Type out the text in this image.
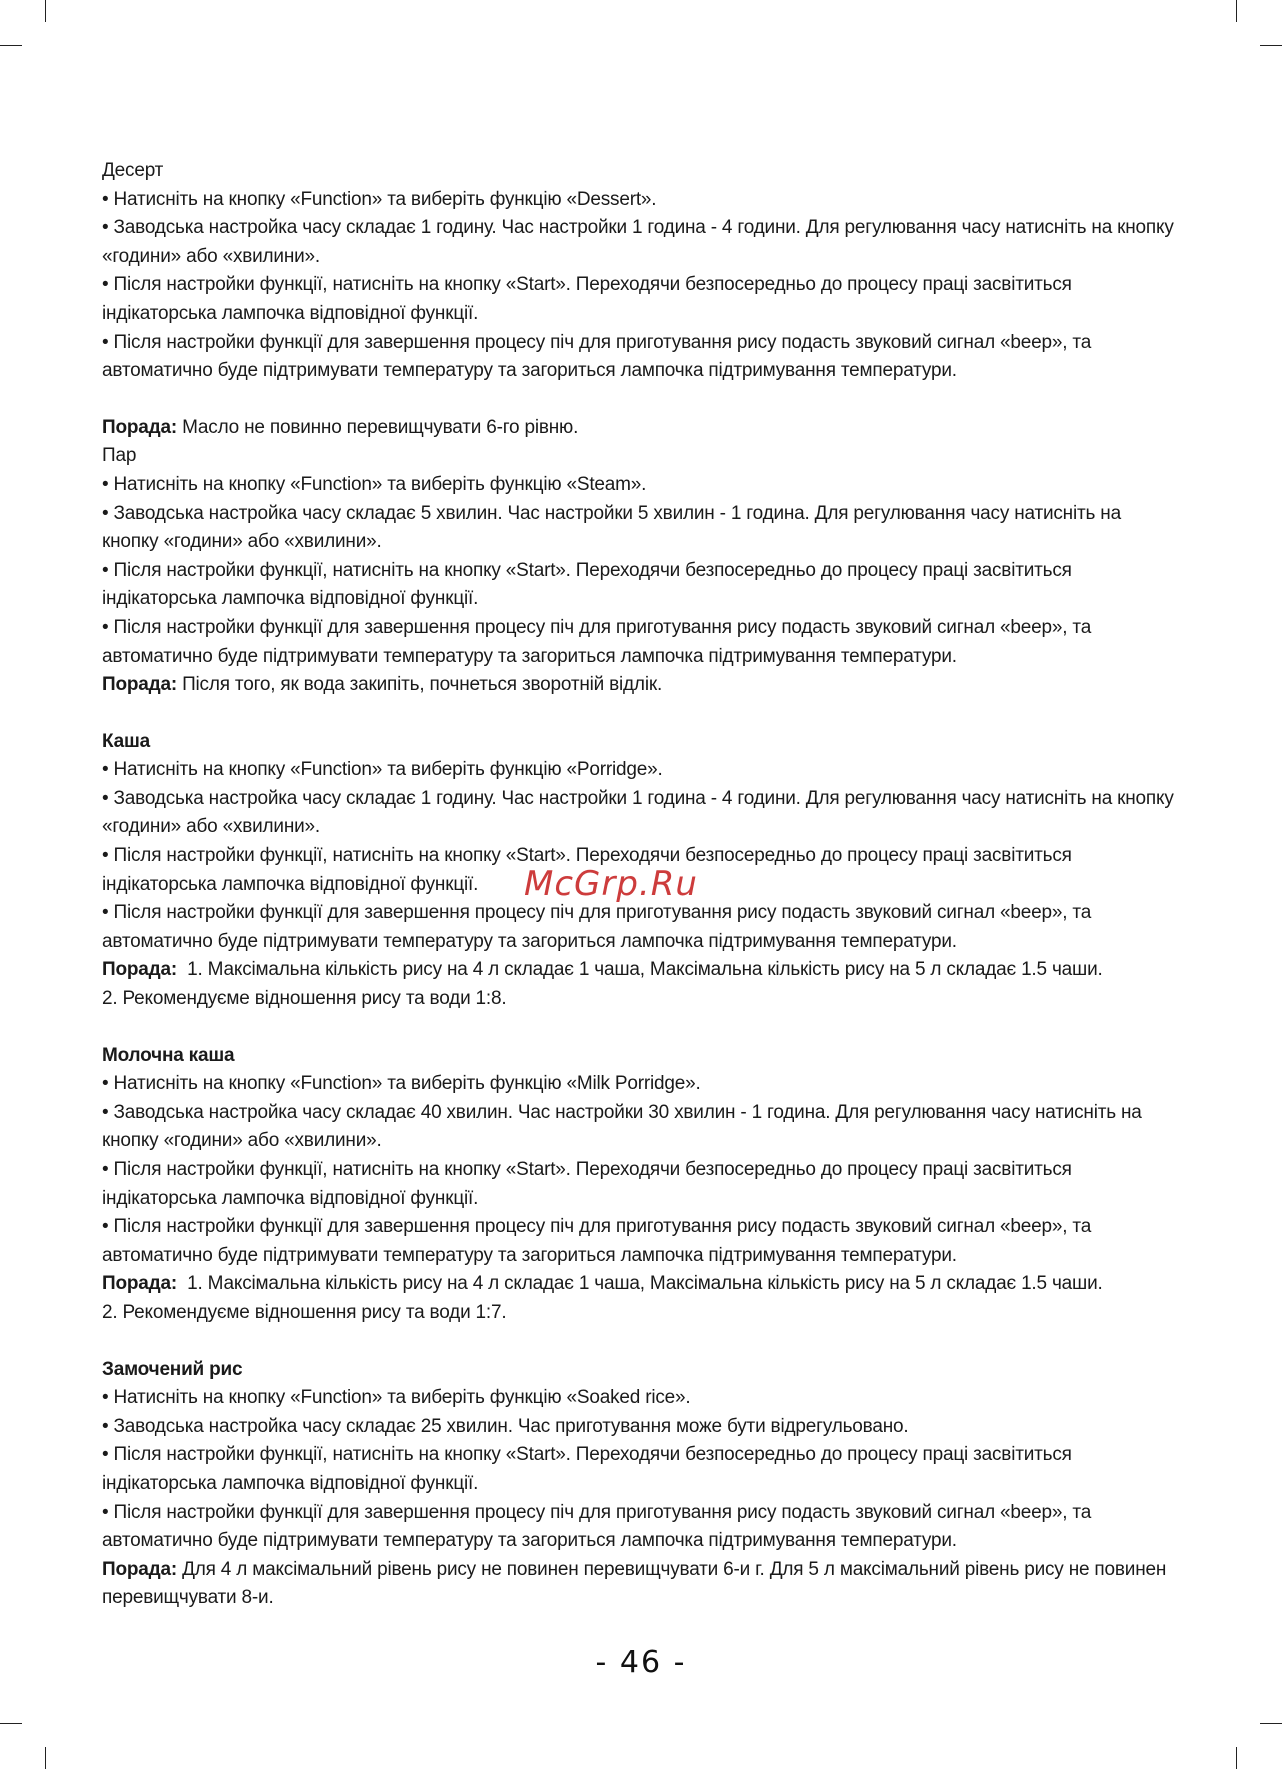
Десерт
• Натисніть на кнопку «Function» та виберіть функцію «Dessert».
• Заводська настройка часу складає 1 годину. Час настройки 1 година - 4 години. Для регулювання часу натисніть на кнопку «години» або «хвилини».
• Після настройки функції, натисніть на кнопку «Start». Переходячи безпосередньо до процесу праці засвітиться індікаторська лампочка відповідної функції.
• Після настройки функції для завершення процесу піч для приготування рису подасть звуковий сигнал «beep», та автоматично буде підтримувати температуру та загориться лампочка підтримування температури.
Порада: Масло не повинно перевищчувати 6-го рівню.
Пар
• Натисніть на кнопку «Function» та виберіть функцію «Steam».
• Заводська настройка часу складає 5 хвилин. Час настройки 5 хвилин - 1 година. Для регулювання часу натисніть на кнопку «години» або «хвилини».
• Після настройки функції, натисніть на кнопку «Start». Переходячи безпосередньо до процесу праці засвітиться індікаторська лампочка відповідної функції.
• Після настройки функції для завершення процесу піч для приготування рису подасть звуковий сигнал «beep», та автоматично буде підтримувати температуру та загориться лампочка підтримування температури.
Порада: Після того, як вода закипіть, почнеться зворотній відлік.
Каша
• Натисніть на кнопку «Function» та виберіть функцію «Porridge».
• Заводська настройка часу складає 1 годину. Час настройки 1 година - 4 години. Для регулювання часу натисніть на кнопку «години» або «хвилини».
• Після настройки функції, натисніть на кнопку «Start». Переходячи безпосередньо до процесу праці засвітиться індікаторська лампочка відповідної функції.
• Після настройки функції для завершення процесу піч для приготування рису подасть звуковий сигнал «beep», та автоматично буде підтримувати температуру та загориться лампочка підтримування температури.
Порада:  1. Максімальна кількість рису на 4 л складає 1 чаша, Максімальна кількість рису на 5 л складає 1.5 чаши.
2. Рекомендуєме відношення рису та води 1:8.
Молочна каша
• Натисніть на кнопку «Function» та виберіть функцію «Milk Porridge».
• Заводська настройка часу складає 40 хвилин. Час настройки 30 хвилин - 1 година. Для регулювання часу натисніть на кнопку «години» або «хвилини».
• Після настройки функції, натисніть на кнопку «Start». Переходячи безпосередньо до процесу праці засвітиться індікаторська лампочка відповідної функції.
• Після настройки функції для завершення процесу піч для приготування рису подасть звуковий сигнал «beep», та автоматично буде підтримувати температуру та загориться лампочка підтримування температури.
Порада:  1. Максімальна кількість рису на 4 л складає 1 чаша, Максімальна кількість рису на 5 л складає 1.5 чаши.
2. Рекомендуєме відношення рису та води 1:7.
Замочений рис
• Натисніть на кнопку «Function» та виберіть функцію «Soaked rice».
• Заводська настройка часу складає 25 хвилин. Час приготування може бути відрегульовано.
• Після настройки функції, натисніть на кнопку «Start». Переходячи безпосередньо до процесу праці засвітиться індікаторська лампочка відповідної функції.
• Після настройки функції для завершення процесу піч для приготування рису подасть звуковий сигнал «beep», та автоматично буде підтримувати температуру та загориться лампочка підтримування температури.
Порада: Для 4 л максімальний рівень рису не повинен перевищчувати 6-и г. Для 5 л максімальний рівень рису не повинен перевищчувати 8-и.
McGrp.Ru
- 46 -
